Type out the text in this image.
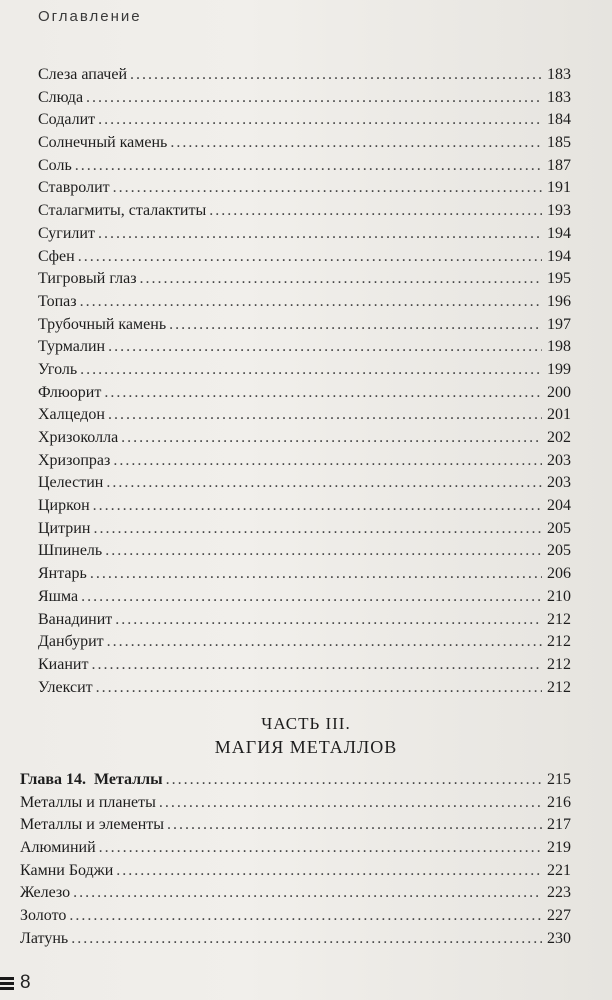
Оглавление
Слеза апачей .....	183
Слюда .....	183
Содалит .....	184
Солнечный камень .....	185
Соль .....	187
Ставролит .....	191
Сталагмиты, сталактиты .....	193
Сугилит .....	194
Сфен .....	194
Тигровый глаз .....	195
Топаз .....	196
Трубочный камень .....	197
Турмалин .....	198
Уголь .....	199
Флюорит .....	200
Халцедон .....	201
Хризоколла .....	202
Хризопраз .....	203
Целестин .....	203
Циркон .....	204
Цитрин .....	205
Шпинель .....	205
Янтарь .....	206
Яшма .....	210
Ванадинит .....	212
Данбурит .....	212
Кианит .....	212
Улексит .....	212
ЧАСТЬ III.
МАГИЯ МЕТАЛЛОВ
Глава 14.  Металлы .....	215
Металлы и планеты .....	216
Металлы и элементы .....	217
Алюминий .....	219
Камни Боджи .....	221
Железо .....	223
Золото .....	227
Латунь .....	230
8
